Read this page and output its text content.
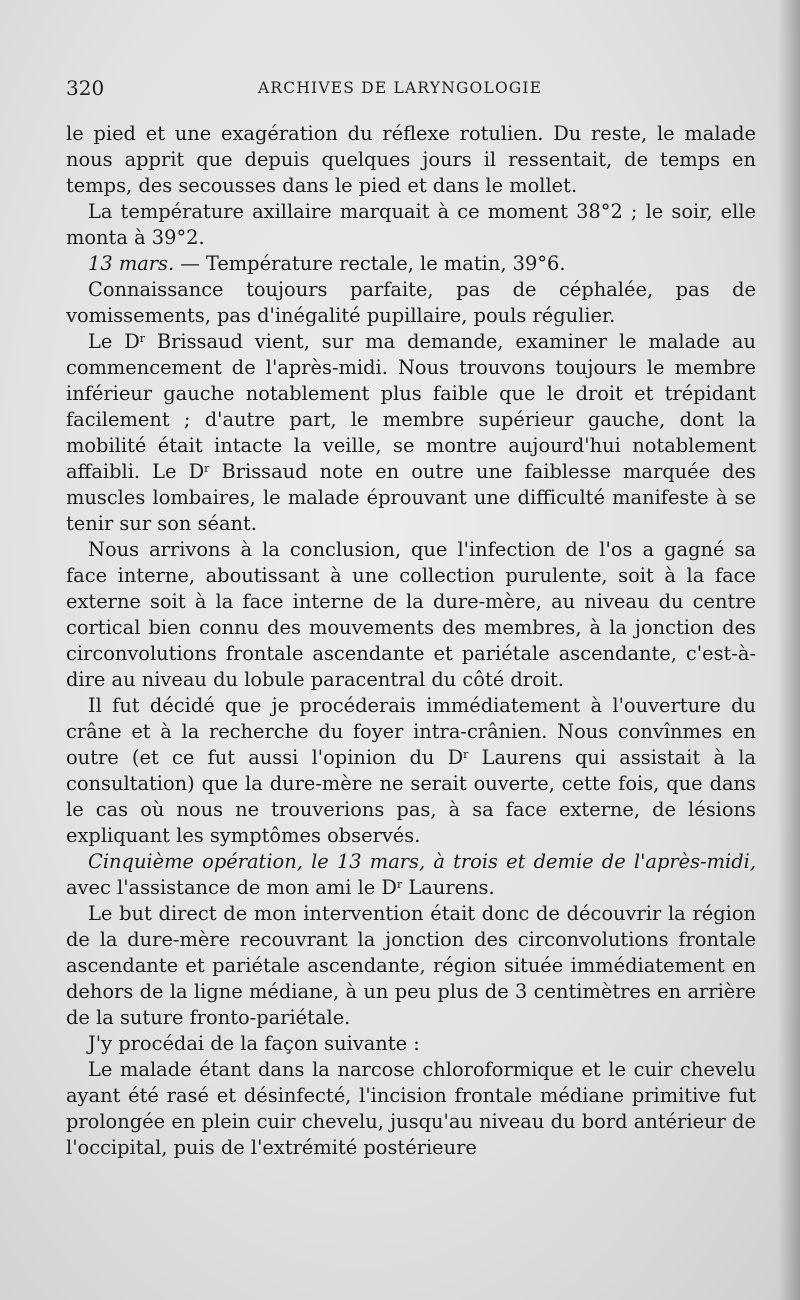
320	ARCHIVES DE LARYNGOLOGIE

le pied et une exagération du réflexe rotulien. Du reste, le malade nous apprit que depuis quelques jours il ressentait, de temps en temps, des secousses dans le pied et dans le mollet.

La température axillaire marquait à ce moment 38°2 ; le soir, elle monta à 39°2.

13 mars. — Température rectale, le matin, 39°6.

Connaissance toujours parfaite, pas de céphalée, pas de vomissements, pas d'inégalité pupillaire, pouls régulier.

Le $D^r$ Brissaud vient, sur ma demande, examiner le malade au commencement de l'après-midi. Nous trouvons toujours le membre inférieur gauche notablement plus faible que le droit et trépidant facilement ; d'autre part, le membre supérieur gauche, dont la mobilité était intacte la veille, se montre aujourd'hui notablement affaibli. Le $D^r$ Brissaud note en outre une faiblesse marquée des muscles lombaires, le malade éprouvant une difficulté manifeste à se tenir sur son séant.

Nous arrivons à la conclusion, que l'infection de l'os a gagné sa face interne, aboutissant à une collection purulente, soit à la face externe soit à la face interne de la dure-mère, au niveau du centre cortical bien connu des mouvements des membres, à la jonction des circonvolutions frontale ascendante et pariétale ascendante, c'est-à-dire au niveau du lobule paracentral du côté droit.

Il fut décidé que je procéderais immédiatement à l'ouverture du crâne et à la recherche du foyer intra-crânien. Nous convînmes en outre (et ce fut aussi l'opinion du $D^r$ Laurens qui assistait à la consultation) que la dure-mère ne serait ouverte, cette fois, que dans le cas où nous ne trouverions pas, à sa face externe, de lésions expliquant les symptômes observés.

Cinquième opération, le 13 mars, à trois et demie de l'après-midi, avec l'assistance de mon ami le $D^r$ Laurens.

Le but direct de mon intervention était donc de découvrir la région de la dure-mère recouvrant la jonction des circonvolutions frontale ascendante et pariétale ascendante, région située immédiatement en dehors de la ligne médiane, à un peu plus de 3 centimètres en arrière de la suture fronto-pariétale.

J'y procédai de la façon suivante :

Le malade étant dans la narcose chloroformique et le cuir chevelu ayant été rasé et désinfecté, l'incision frontale médiane primitive fut prolongée en plein cuir chevelu, jusqu'au niveau du bord antérieur de l'occipital, puis de l'extrémité postérieure
